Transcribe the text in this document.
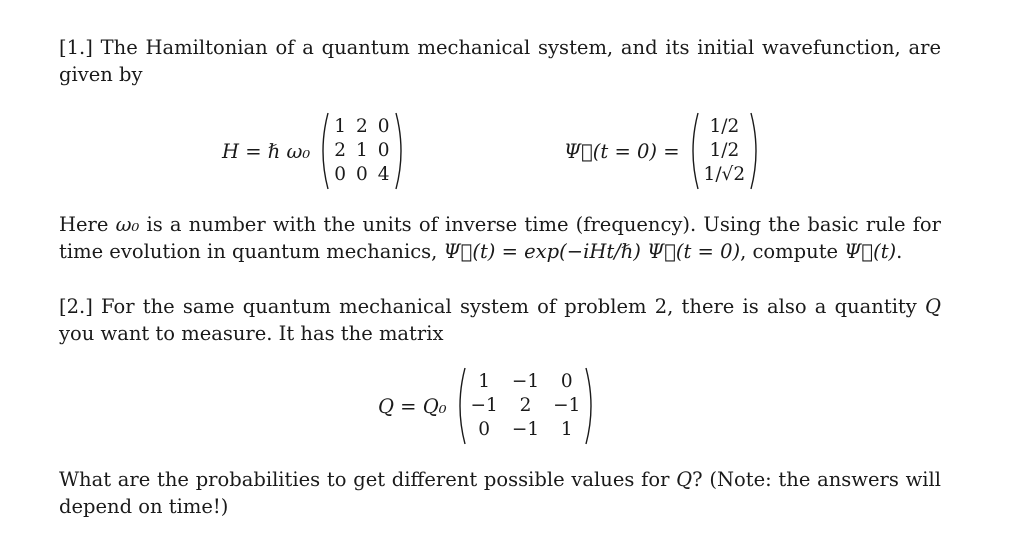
[1.] The Hamiltonian of a quantum mechanical system, and its initial wavefunction, are given by
H = ℏ ω₀
1 2 0
2 1 0
0 0 4
Ψ⃗(t = 0) =
1/2
1/2
1/√2
Here ω₀ is a number with the units of inverse time (frequency). Using the basic rule for time evolution in quantum mechanics, Ψ⃗(t) = exp(−iHt/ℏ) Ψ⃗(t = 0), compute Ψ⃗(t).
[2.] For the same quantum mechanical system of problem 2, there is also a quantity Q you want to measure. It has the matrix
Q = Q₀
1	−1	0
−1	2	−1
0	−1	1
What are the probabilities to get different possible values for Q? (Note: the answers will depend on time!)
